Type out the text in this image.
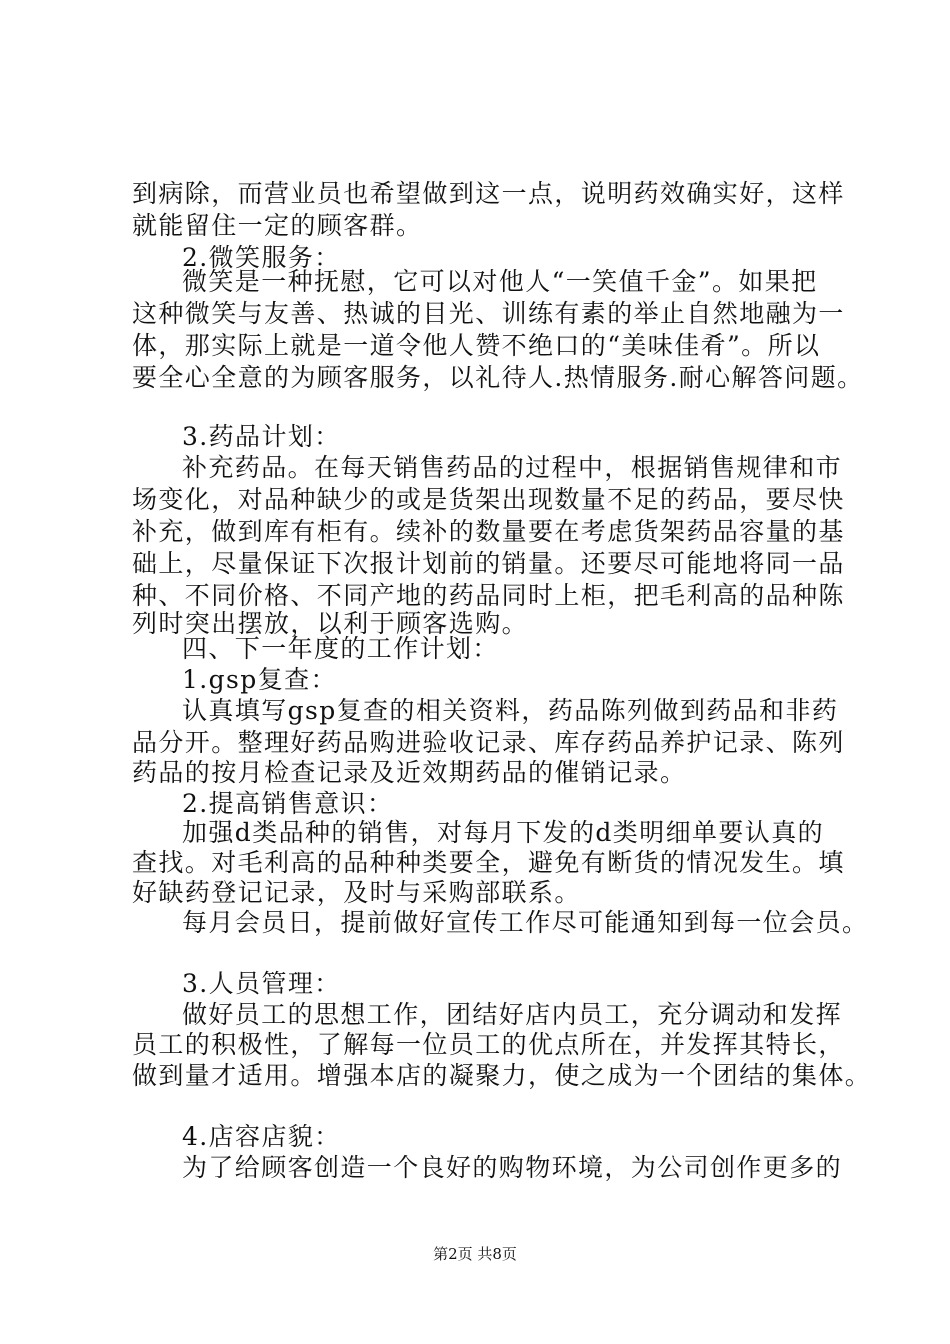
到病除，而营业员也希望做到这一点，说明药效确实好，这样
就能留住一定的顾客群。
2.微笑服务：
微笑是一种抚慰，它可以对他人“一笑值千金”。如果把
这种微笑与友善、热诚的目光、训练有素的举止自然地融为一
体，那实际上就是一道令他人赞不绝口的“美味佳肴”。所以
要全心全意的为顾客服务，以礼待人.热情服务.耐心解答问题。
3.药品计划：
补充药品。在每天销售药品的过程中，根据销售规律和市
场变化，对品种缺少的或是货架出现数量不足的药品，要尽快
补充，做到库有柜有。续补的数量要在考虑货架药品容量的基
础上，尽量保证下次报计划前的销量。还要尽可能地将同一品
种、不同价格、不同产地的药品同时上柜，把毛利高的品种陈
列时突出摆放，以利于顾客选购。
四、下一年度的工作计划：
1.gsp复查：
认真填写gsp复查的相关资料，药品陈列做到药品和非药
品分开。整理好药品购进验收记录、库存药品养护记录、陈列
药品的按月检查记录及近效期药品的催销记录。
2.提高销售意识：
加强d类品种的销售，对每月下发的d类明细单要认真的
查找。对毛利高的品种种类要全，避免有断货的情况发生。填
好缺药登记记录，及时与采购部联系。
每月会员日，提前做好宣传工作尽可能通知到每一位会员。
3.人员管理：
做好员工的思想工作，团结好店内员工，充分调动和发挥
员工的积极性，了解每一位员工的优点所在，并发挥其特长，
做到量才适用。增强本店的凝聚力，使之成为一个团结的集体。
4.店容店貌：
为了给顾客创造一个良好的购物环境，为公司创作更多的
第2页 共8页
